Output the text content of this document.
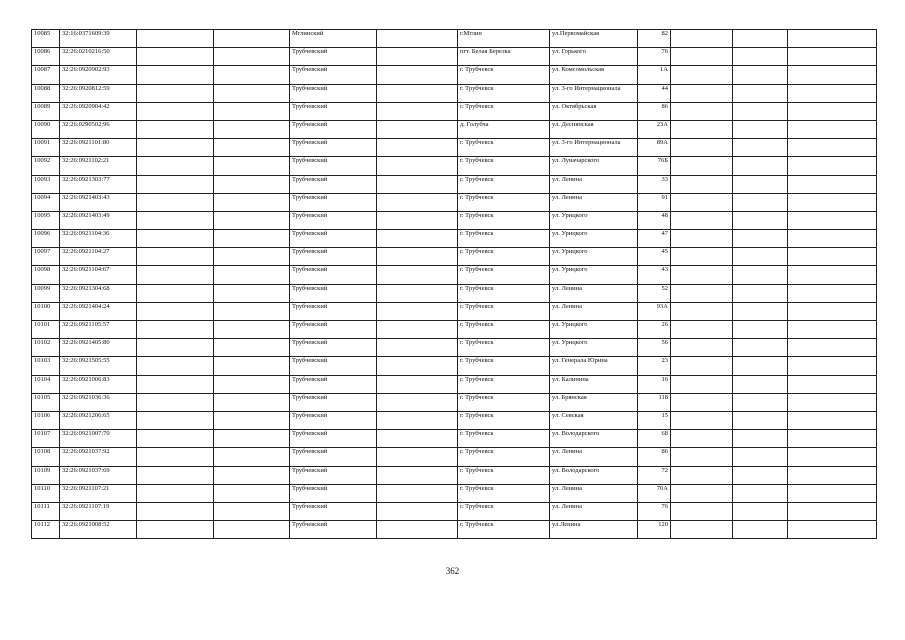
10085	32:16:0371609:39			Мглинский		г.Мглин	ул.Первомайская	82			
10086	32:26:0210216:50			Трубчевский		пгт. Белая Березка	ул. Горького	76			
10087	32:26:0920902:93			Трубчевский		г. Трубчевск	ул. Комсомольская	1А			
10088	32:26:0920812:59			Трубчевский		г. Трубчевск	ул. 3-го Интернационала	44			
10089	32:26:0920904:42			Трубчевский		г. Трубчевск	ул. Октябрьская	86			
10090	32:26:0290502:96			Трубчевский		д. Голубча	ул. Деснянская	23А			
10091	32:26:0921101:80			Трубчевский		г. Трубчевск	ул. 3-го Интернационала	89А			
10092	32:26:0921102:21			Трубчевский		г. Трубчевск	ул. Луначарского	76Б			
10093	32:26:0921303:77			Трубчевский		г. Трубчевск	ул. Ленина	33			
10094	32:26:0921403:43			Трубчевский		г. Трубчевск	ул. Ленина	91			
10095	32:26:0921403:49			Трубчевский		г. Трубчевск	ул. Урицкого	48			
10096	32:26:0921104:36			Трубчевский		г. Трубчевск	ул. Урицкого	47			
10097	32:26:0921104:27			Трубчевский		г. Трубчевск	ул. Урицкого	45			
10098	32:26:0921104:67			Трубчевский		г. Трубчевск	ул. Урицкого	43			
10099	32:26:0921304:68			Трубчевский		г. Трубчевск	ул. Ленина	52			
10100	32:26:0921404:24			Трубчевский		г. Трубчевск	ул. Ленина	93А			
10101	32:26:0921105:57			Трубчевский		г. Трубчевск	ул. Урицкого	26			
10102	32:26:0921405:80			Трубчевский		г. Трубчевск	ул. Урицкого	56			
10103	32:26:0921505:55			Трубчевский		г. Трубчевск	ул. Генерала Юрина	23			
10104	32:26:0921006:83			Трубчевский		г. Трубчевск	ул. Калинина	16			
10105	32:26:0921036:36			Трубчевский		г. Трубчевск	ул. Брянская	118			
10106	32:26:0921206:65			Трубчевский		г. Трубчевск	ул. Севская	15			
10107	32:26:0921007:70			Трубчевский		г. Трубчевск	ул. Володарского	68			
10108	32:26:0921037:92			Трубчевский		г. Трубчевск	ул. Ленина	86			
10109	32:26:0921037:69			Трубчевский		г. Трубчевск	ул. Володарского	72			
10110	32:26:0921107:21			Трубчевский		г. Трубчевск	ул. Ленина	70А			
10111	32:26:0921107:19			Трубчевский		г. Трубчевск	ул. Ленина	76			
10112	32:26:0921008:52			Трубчевский		г. Трубчевск	ул.Ленина	120			
362
